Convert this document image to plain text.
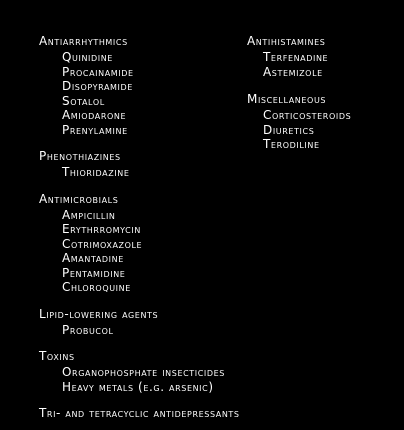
Antiarrhythmics
Quinidine
Procainamide
Disopyramide
Sotalol
Amiodarone
Prenylamine
Phenothiazines
Thioridazine
Antimicrobials
Ampicillin
Erythrromycin
Cotrimoxazole
Amantadine
Pentamidine
Chloroquine
Lipid-lowering agents
Probucol
Toxins
Organophosphate insecticides
Heavy metals (e.g. arsenic)
Tri- and tetracyclic antidepressants
Antihistamines
Terfenadine
Astemizole
Miscellaneous
Corticosteroids
Diuretics
Terodiline
